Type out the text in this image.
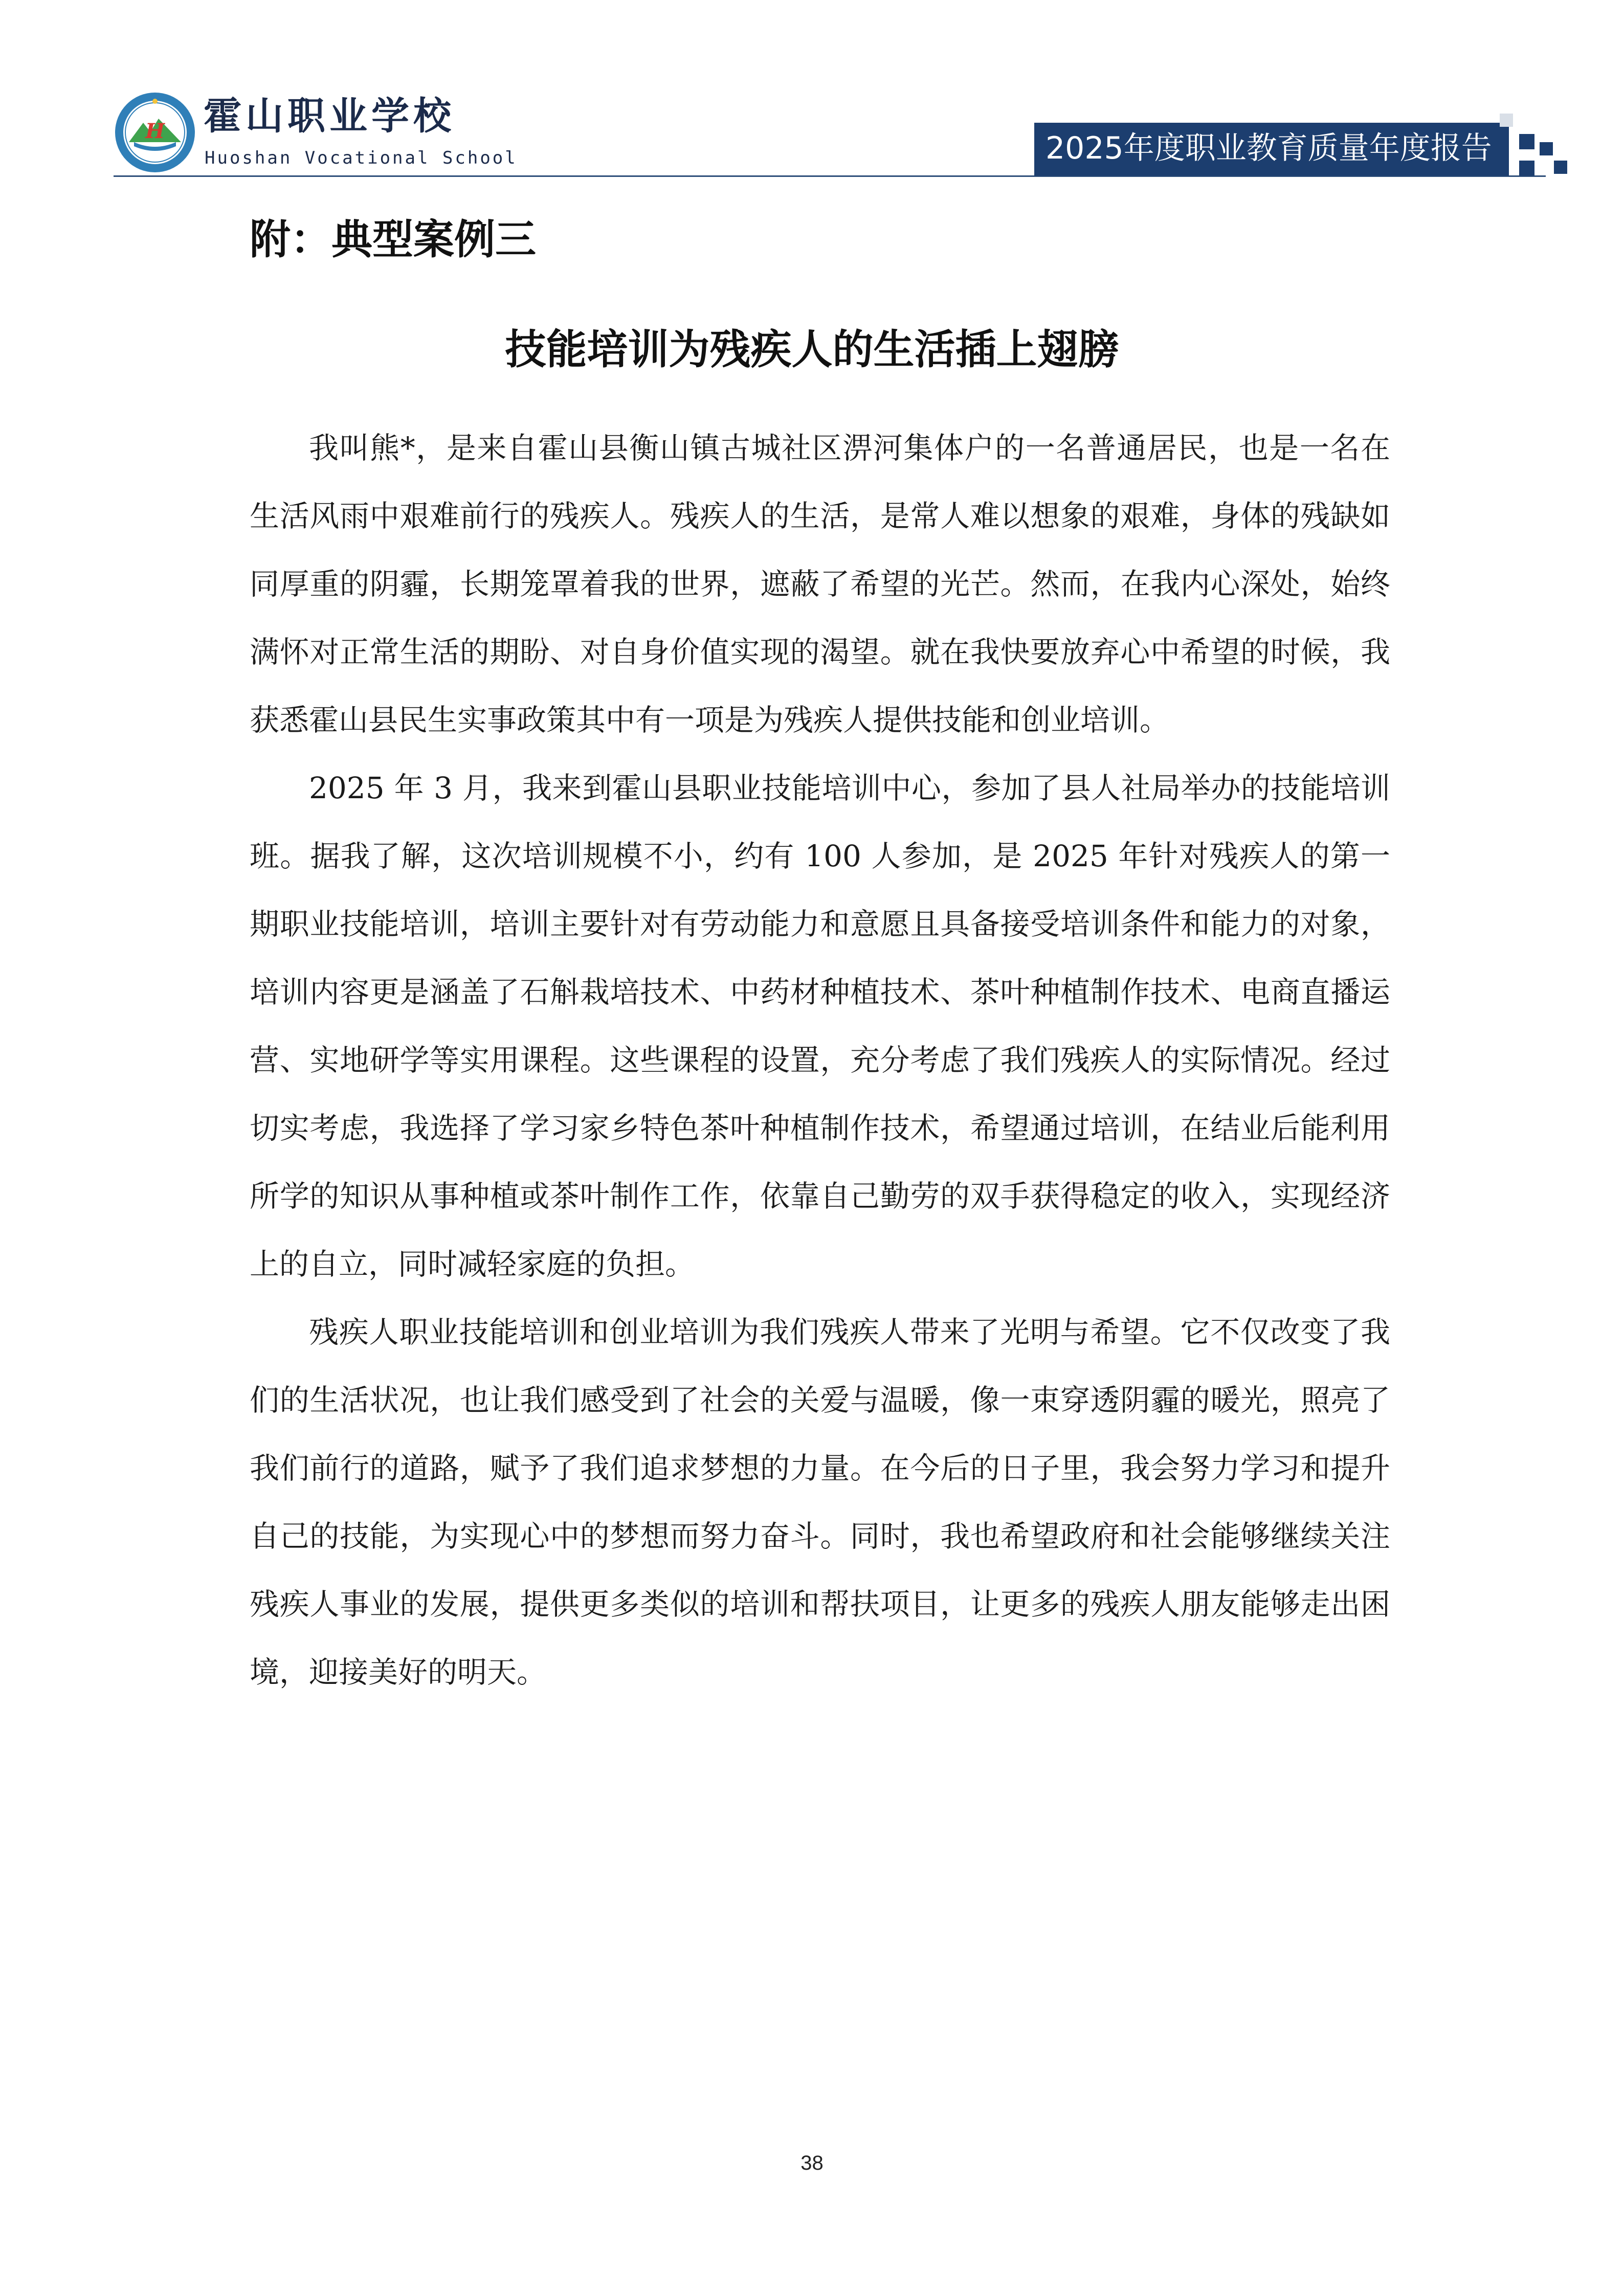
H 霍山职业学校
Huoshan Vocational School	2025年度职业教育质量年度报告
附：典型案例三
技能培训为残疾人的生活插上翅膀

我叫熊*，是来自霍山县衡山镇古城社区淠河集体户的一名普通居民，也是一名在生活风雨中艰难前行的残疾人。残疾人的生活，是常人难以想象的艰难，身体的残缺如同厚重的阴霾，长期笼罩着我的世界，遮蔽了希望的光芒。然而，在我内心深处，始终满怀对正常生活的期盼、对自身价值实现的渴望。就在我快要放弃心中希望的时候，我获悉霍山县民生实事政策其中有一项是为残疾人提供技能和创业培训。

2025 年 3 月，我来到霍山县职业技能培训中心，参加了县人社局举办的技能培训班。据我了解，这次培训规模不小，约有 100 人参加，是 2025 年针对残疾人的第一期职业技能培训，培训主要针对有劳动能力和意愿且具备接受培训条件和能力的对象，培训内容更是涵盖了石斛栽培技术、中药材种植技术、茶叶种植制作技术、电商直播运营、实地研学等实用课程。这些课程的设置，充分考虑了我们残疾人的实际情况。经过切实考虑，我选择了学习家乡特色茶叶种植制作技术，希望通过培训，在结业后能利用所学的知识从事种植或茶叶制作工作，依靠自己勤劳的双手获得稳定的收入，实现经济上的自立，同时减轻家庭的负担。

残疾人职业技能培训和创业培训为我们残疾人带来了光明与希望。它不仅改变了我们的生活状况，也让我们感受到了社会的关爱与温暖，像一束穿透阴霾的暖光，照亮了我们前行的道路，赋予了我们追求梦想的力量。在今后的日子里，我会努力学习和提升自己的技能，为实现心中的梦想而努力奋斗。同时，我也希望政府和社会能够继续关注残疾人事业的发展，提供更多类似的培训和帮扶项目，让更多的残疾人朋友能够走出困境，迎接美好的明天。

38
